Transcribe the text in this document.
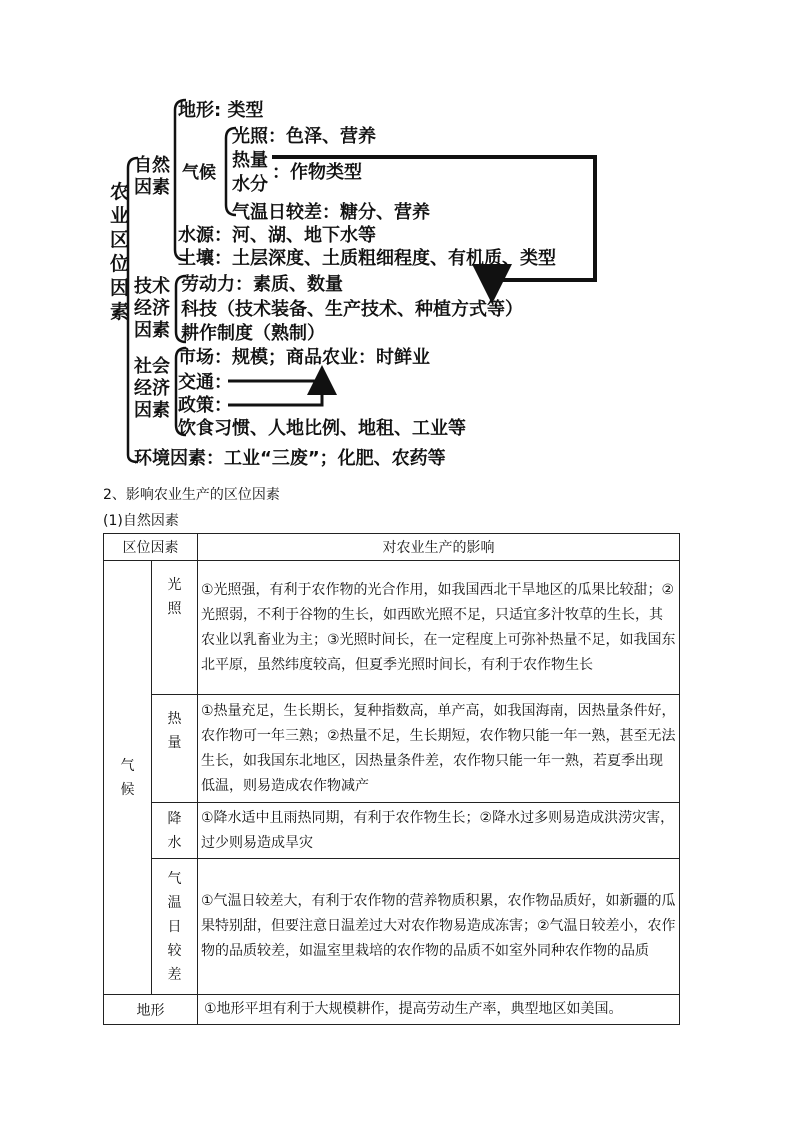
农业区位因素
自然
因素
地形: 类型
气候
光照：色泽、营养
热量
水分
：作物类型
气温日较差：糖分、营养
水源：河、湖、地下水等
土壤：土层深度、土质粗细程度、有机质、类型
技术
经济
因素
劳动力：素质、数量
科技（技术装备、生产技术、种植方式等）
耕作制度（熟制）
社会
经济
因素
市场：规模；商品农业：时鲜业
交通：
政策：
饮食习惯、人地比例、地租、工业等
环境因素：工业“三废”；化肥、农药等
2、影响农业生产的区位因素
(1)自然因素
区位因素		对农业生产的影响

气候	光照	①光照强，有利于农作物的光合作用，如我国西北干旱地区的瓜果比较甜；②光照弱，不利于谷物的生长，如西欧光照不足，只适宜多汁牧草的生长，其农业以乳畜业为主；③光照时间长，在一定程度上可弥补热量不足，如我国东北平原，虽然纬度较高，但夏季光照时间长，有利于农作物生长

	热量	①热量充足，生长期长，复种指数高，单产高，如我国海南，因热量条件好，农作物可一年三熟；②热量不足，生长期短，农作物只能一年一熟，甚至无法生长，如我国东北地区，因热量条件差，农作物只能一年一熟，若夏季出现低温，则易造成农作物减产

	降水	①降水适中且雨热同期，有利于农作物生长；②降水过多则易造成洪涝灾害，过少则易造成旱灾

	气温日较差	①气温日较差大，有利于农作物的营养物质积累，农作物品质好，如新疆的瓜果特别甜，但要注意日温差过大对农作物易造成冻害；②气温日较差小，农作物的品质较差，如温室里栽培的农作物的品质不如室外同种农作物的品质
地形		①地形平坦有利于大规模耕作，提高劳动生产率，典型地区如美国。
